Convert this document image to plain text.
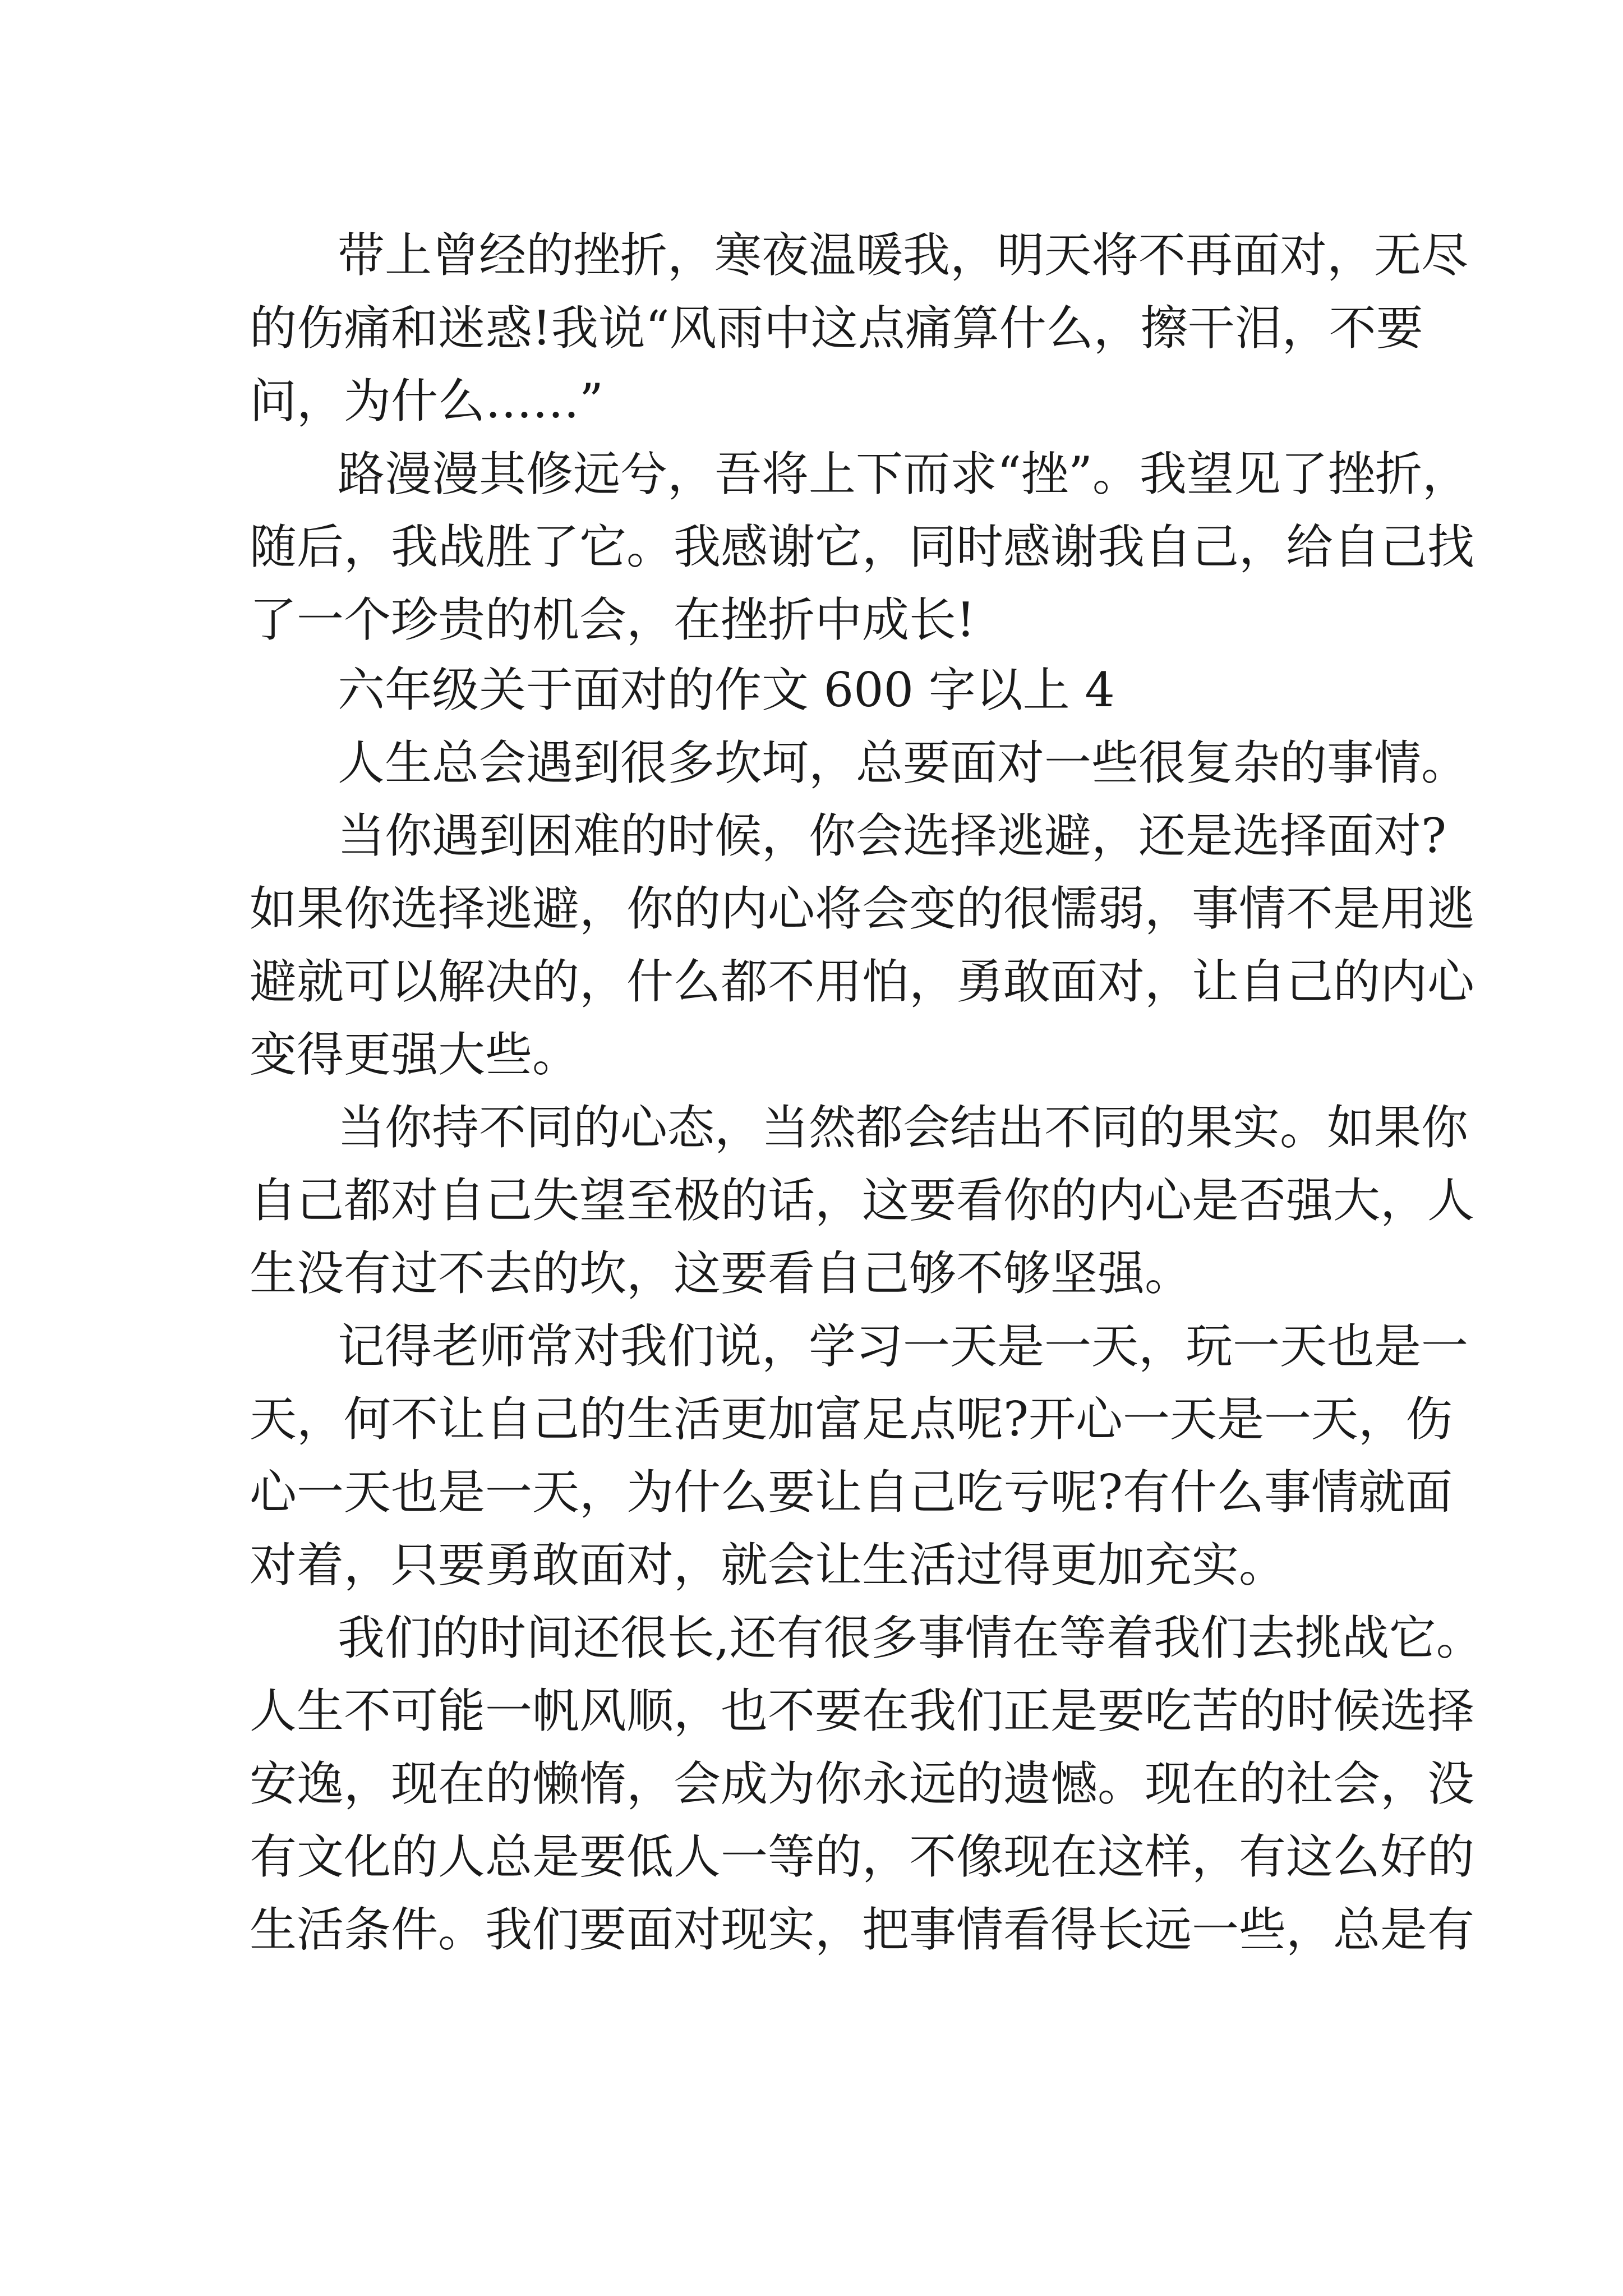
带上曾经的挫折，寒夜温暖我，明天将不再面对，无尽
的伤痛和迷惑!我说“风雨中这点痛算什么，擦干泪，不要
问，为什么……”
路漫漫其修远兮，吾将上下而求“挫”。我望见了挫折，
随后，我战胜了它。我感谢它，同时感谢我自己，给自己找
了一个珍贵的机会，在挫折中成长!
六年级关于面对的作文 600 字以上 4
人生总会遇到很多坎坷，总要面对一些很复杂的事情。
当你遇到困难的时候，你会选择逃避，还是选择面对?
如果你选择逃避，你的内心将会变的很懦弱，事情不是用逃
避就可以解决的，什么都不用怕，勇敢面对，让自己的内心
变得更强大些。
当你持不同的心态，当然都会结出不同的果实。如果你
自己都对自己失望至极的话，这要看你的内心是否强大，人
生没有过不去的坎，这要看自己够不够坚强。
记得老师常对我们说，学习一天是一天，玩一天也是一
天，何不让自己的生活更加富足点呢?开心一天是一天，伤
心一天也是一天，为什么要让自己吃亏呢?有什么事情就面
对着，只要勇敢面对，就会让生活过得更加充实。
我们的时间还很长,还有很多事情在等着我们去挑战它。
人生不可能一帆风顺，也不要在我们正是要吃苦的时候选择
安逸，现在的懒惰，会成为你永远的遗憾。现在的社会，没
有文化的人总是要低人一等的，不像现在这样，有这么好的
生活条件。我们要面对现实，把事情看得长远一些，总是有
